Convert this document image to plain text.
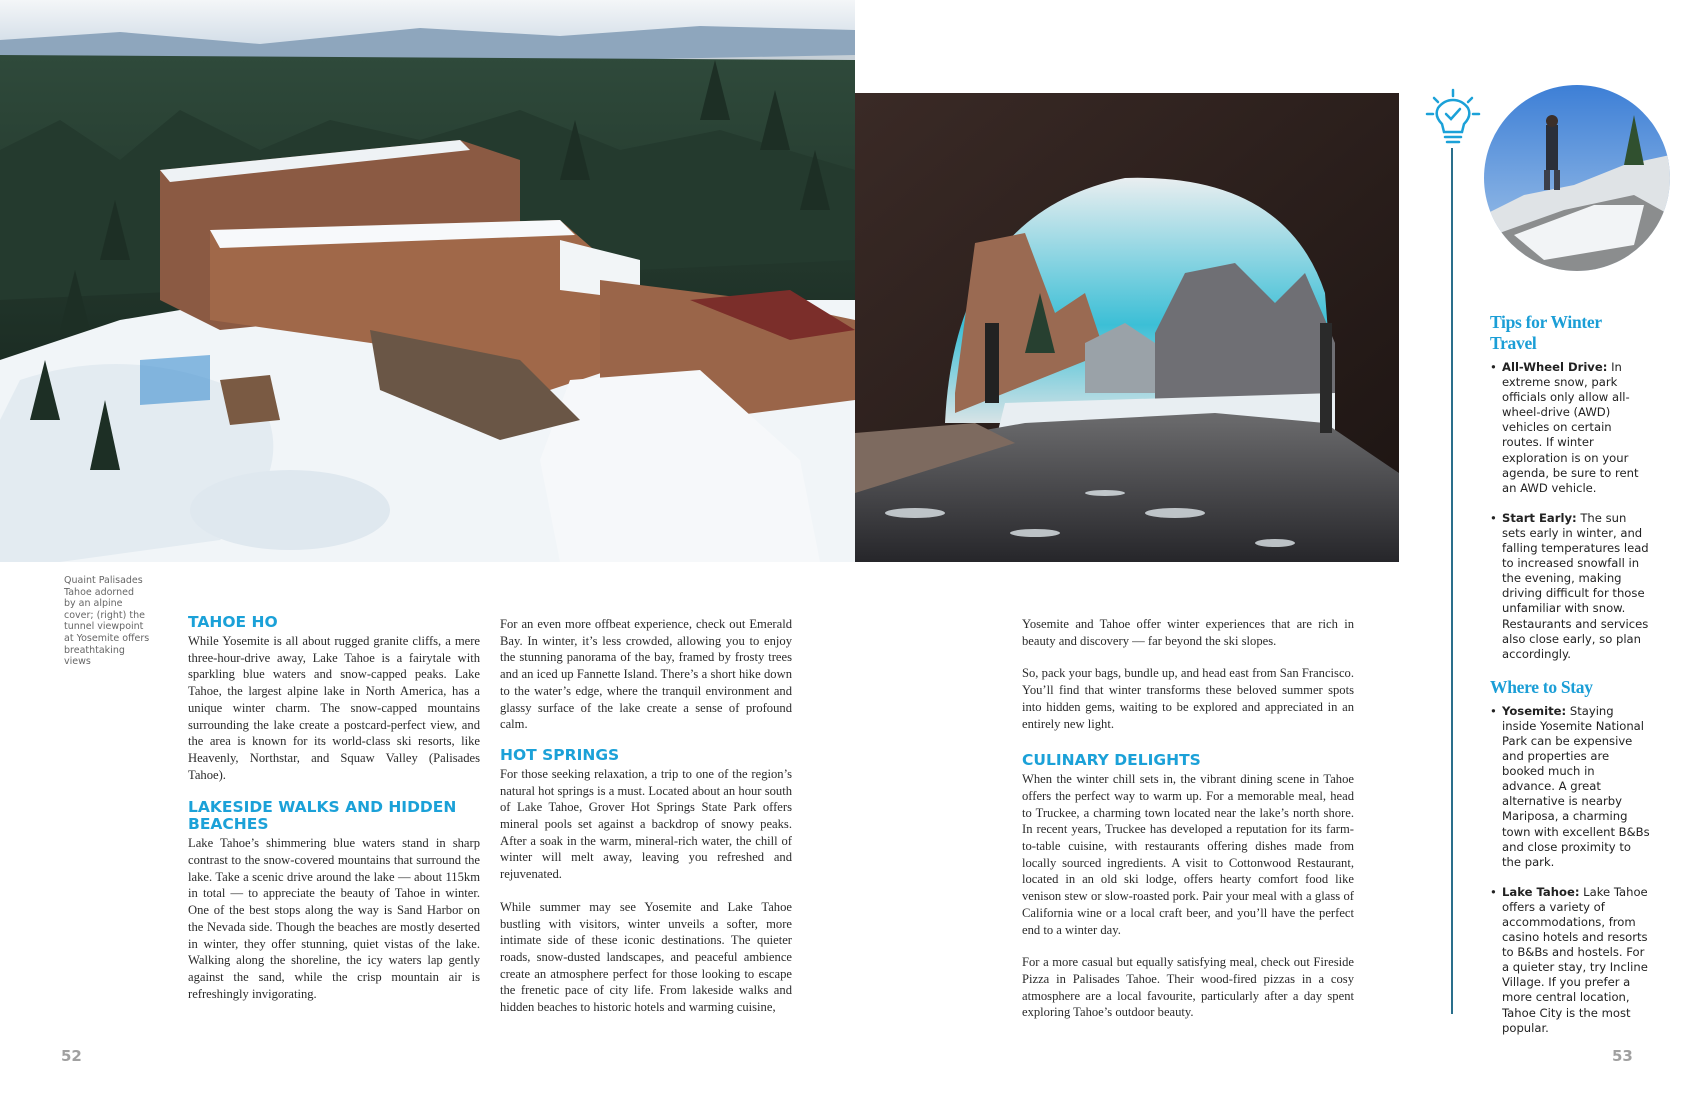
Quaint Palisades
Tahoe adorned
by an alpine
cover; (right) the
tunnel viewpoint
at Yosemite offers
breathtaking views
TAHOE HO

While Yosemite is all about rugged granite cliffs, a mere three-hour-drive away, Lake Tahoe is a fairytale with sparkling blue waters and snow-capped peaks. Lake Tahoe, the largest alpine lake in North America, has a unique winter charm. The snow-capped mountains surrounding the lake create a postcard-perfect view, and the area is known for its world-class ski resorts, like Heavenly, Northstar, and Squaw Valley (Palisades Tahoe).

LAKESIDE WALKS AND HIDDEN BEACHES

Lake Tahoe’s shimmering blue waters stand in sharp contrast to the snow-covered mountains that surround the lake. Take a scenic drive around the lake — about 115km in total — to appreciate the beauty of Tahoe in winter. One of the best stops along the way is Sand Harbor on the Nevada side. Though the beaches are mostly deserted in winter, they offer stunning, quiet vistas of the lake. Walking along the shoreline, the icy waters lap gently against the sand, while the crisp mountain air is refreshingly invigorating.

For an even more offbeat experience, check out Emerald Bay. In winter, it’s less crowded, allowing you to enjoy the stunning panorama of the bay, framed by frosty trees and an iced up Fannette Island. There’s a short hike down to the water’s edge, where the tranquil environment and glassy surface of the lake create a sense of profound calm.

HOT SPRINGS

For those seeking relaxation, a trip to one of the region’s natural hot springs is a must. Located about an hour south of Lake Tahoe, Grover Hot Springs State Park offers mineral pools set against a backdrop of snowy peaks. After a soak in the warm, mineral-rich water, the chill of winter will melt away, leaving you refreshed and rejuvenated.

While summer may see Yosemite and Lake Tahoe bustling with visitors, winter unveils a softer, more intimate side of these iconic destinations. The quieter roads, snow-dusted landscapes, and peaceful ambience create an atmosphere perfect for those looking to escape the frenetic pace of city life. From lakeside walks and hidden beaches to historic hotels and warming cuisine,

Yosemite and Tahoe offer winter experiences that are rich in beauty and discovery — far beyond the ski slopes.

So, pack your bags, bundle up, and head east from San Francisco. You’ll find that winter transforms these beloved summer spots into hidden gems, waiting to be explored and appreciated in an entirely new light.

CULINARY DELIGHTS

When the winter chill sets in, the vibrant dining scene in Tahoe offers the perfect way to warm up. For a memorable meal, head to Truckee, a charming town located near the lake’s north shore. In recent years, Truckee has developed a reputation for its farm-to-table cuisine, with restaurants offering dishes made from locally sourced ingredients. A visit to Cottonwood Restaurant, located in an old ski lodge, offers hearty comfort food like venison stew or slow-roasted pork. Pair your meal with a glass of California wine or a local craft beer, and you’ll have the perfect end to a winter day.

For a more casual but equally satisfying meal, check out Fireside Pizza in Palisades Tahoe. Their wood-fired pizzas in a cosy atmosphere are a local favourite, particularly after a day spent exploring Tahoe’s outdoor beauty.

Tips for Winter Travel
• All-Wheel Drive: In extreme snow, park officials only allow all-wheel-drive (AWD) vehicles on certain routes. If winter exploration is on your agenda, be sure to rent an AWD vehicle.
• Start Early: The sun sets early in winter, and falling temperatures lead to increased snowfall in the evening, making driving difficult for those unfamiliar with snow. Restaurants and services also close early, so plan accordingly.
Where to Stay
• Yosemite: Staying inside Yosemite National Park can be expensive and properties are booked much in advance. A great alternative is nearby Mariposa, a charming town with excellent B&Bs and close proximity to the park.
• Lake Tahoe: Lake Tahoe offers a variety of accommodations, from casino hotels and resorts to B&Bs and hostels. For a quieter stay, try Incline Village. If you prefer a more central location, Tahoe City is the most popular.
52	53
